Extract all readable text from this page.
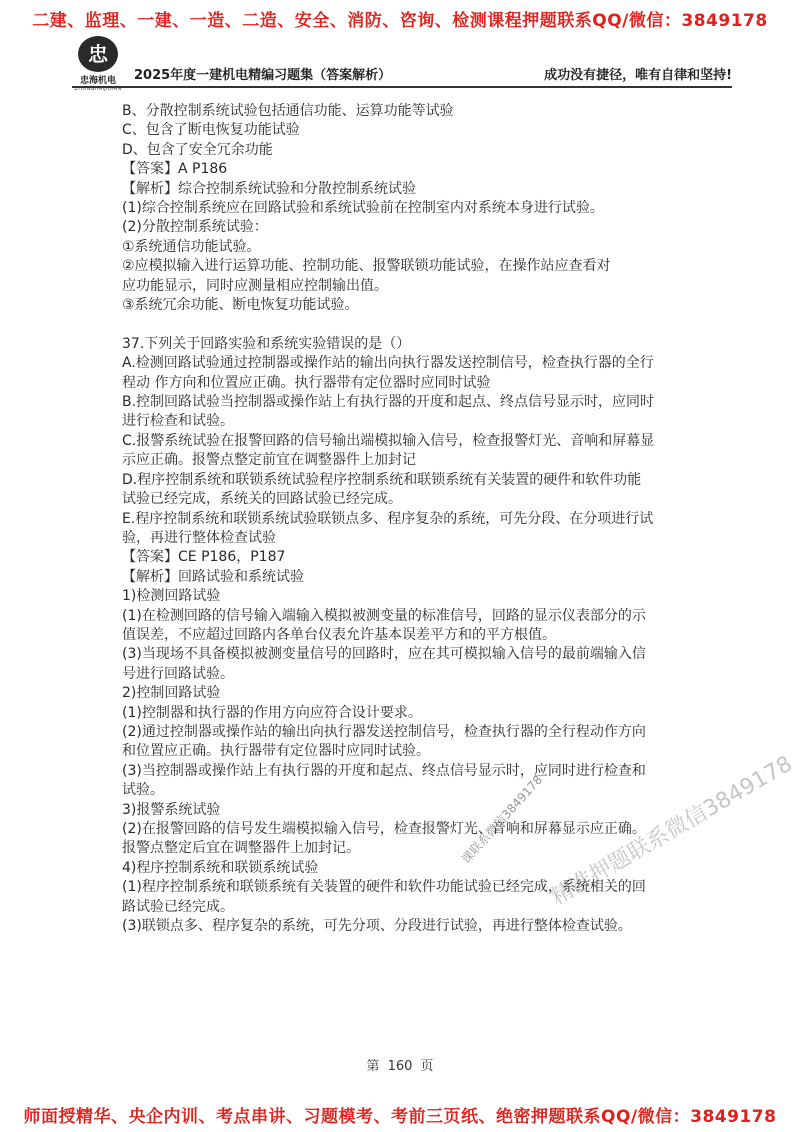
二建、监理、一建、一造、二造、安全、消防、咨询、检测课程押题联系QQ/微信：3849178
忠
忠海机电
ZHONGHAIJIDIAN
2025年度一建机电精编习题集（答案解析）	成功没有捷径，唯有自律和坚持!
B、分散控制系统试验包括通信功能、运算功能等试验
C、包含了断电恢复功能试验
D、包含了安全冗余功能
【答案】A P186
【解析】综合控制系统试验和分散控制系统试验
(1)综合控制系统应在回路试验和系统试验前在控制室内对系统本身进行试验。
(2)分散控制系统试验：
①系统通信功能试验。
②应模拟输入进行运算功能、控制功能、报警联锁功能试验，在操作站应查看对
应功能显示，同时应测量相应控制输出值。
③系统冗余功能、断电恢复功能试验。
37.下列关于回路实验和系统实验错误的是（）
A.检测回路试验通过控制器或操作站的输出向执行器发送控制信号，检查执行器的全行
程动 作方向和位置应正确。执行器带有定位器时应同时试验
B.控制回路试验当控制器或操作站上有执行器的开度和起点、终点信号显示时，应同时
进行检查和试验。
C.报警系统试验在报警回路的信号输出端模拟输入信号，检查报警灯光、音响和屏幕显
示应正确。报警点整定前宜在调整器件上加封记
D.程序控制系统和联锁系统试验程序控制系统和联锁系统有关装置的硬件和软件功能
试验已经完成，系统关的回路试验已经完成。
E.程序控制系统和联锁系统试验联锁点多、程序复杂的系统，可先分段、在分项进行试
验，再进行整体检查试验
【答案】CE P186，P187
【解析】回路试验和系统试验
1)检测回路试验
(1)在检测回路的信号输入端输入模拟被测变量的标准信号，回路的显示仪表部分的示
值误差，不应超过回路内各单台仪表允许基本误差平方和的平方根值。
(3)当现场不具备模拟被测变量信号的回路时，应在其可模拟输入信号的最前端输入信
号进行回路试验。
2)控制回路试验
(1)控制器和执行器的作用方向应符合设计要求。
(2)通过控制器或操作站的输出向执行器发送控制信号，检查执行器的全行程动作方向
和位置应正确。执行器带有定位器时应同时试验。
(3)当控制器或操作站上有执行器的开度和起点、终点信号显示时，应同时进行检查和
试验。
3)报警系统试验
(2)在报警回路的信号发生端模拟输入信号，检查报警灯光、音响和屏幕显示应正确。
报警点整定后宜在调整器件上加封记。
4)程序控制系统和联锁系统试验
(1)程序控制系统和联锁系统有关装置的硬件和软件功能试验已经完成，系统相关的回
路试验已经完成。
(3)联锁点多、程序复杂的系统，可先分项、分段进行试验，再进行整体检查试验。
第 160 页
师面授精华、央企内训、考点串讲、习题模考、考前三页纸、绝密押题联系QQ/微信：3849178
课联系微信3849178 精准押题联系微信3849178
